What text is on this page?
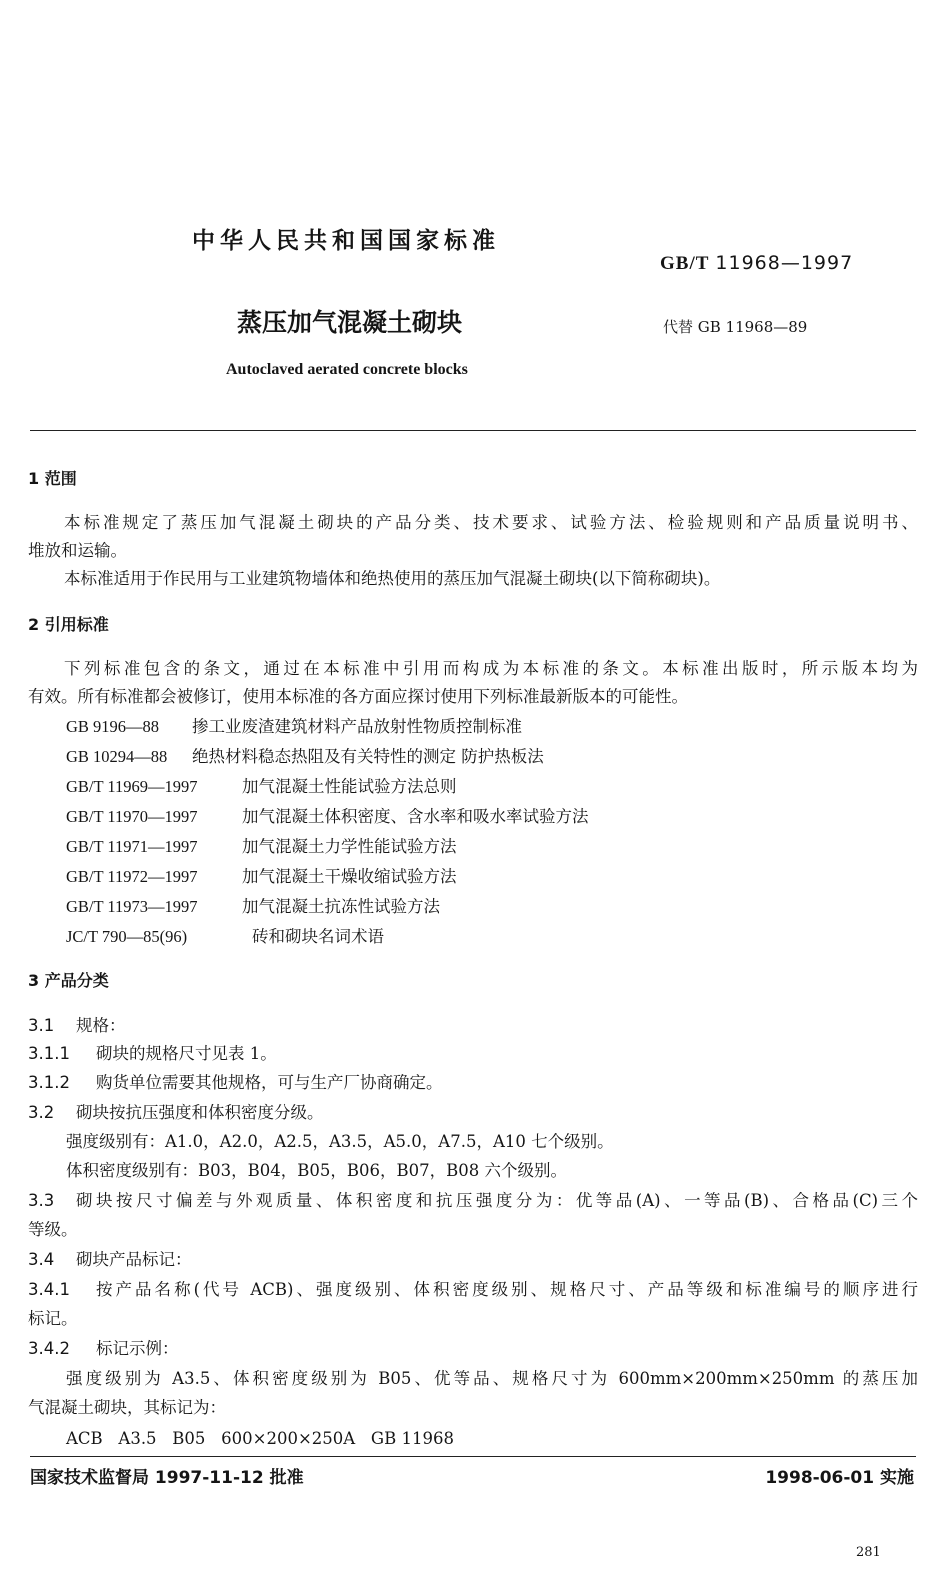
中华人民共和国国家标准
GB/T 11968—1997
蒸压加气混凝土砌块	代替 GB 11968—89
Autoclaved aerated concrete blocks
1 范围
本标准规定了蒸压加气混凝土砌块的产品分类、技术要求、试验方法、检验规则和产品质量说明书、
堆放和运输。
本标准适用于作民用与工业建筑物墙体和绝热使用的蒸压加气混凝土砌块(以下简称砌块)。
2 引用标准
下列标准包含的条文，通过在本标准中引用而构成为本标准的条文。本标准出版时，所示版本均为
有效。所有标准都会被修订，使用本标准的各方面应探讨使用下列标准最新版本的可能性。
GB 9196—88 掺工业废渣建筑材料产品放射性物质控制标准
GB 10294—88 绝热材料稳态热阻及有关特性的测定 防护热板法
GB/T 11969—1997	加气混凝土性能试验方法总则
GB/T 11970—1997	加气混凝土体积密度、含水率和吸水率试验方法
GB/T 11971—1997	加气混凝土力学性能试验方法
GB/T 11972—1997	加气混凝土干燥收缩试验方法
GB/T 11973—1997	加气混凝土抗冻性试验方法
JC/T 790—85(96)	砖和砌块名词术语
3 产品分类
3.1 规格：
3.1.1 砌块的规格尺寸见表 1。
3.1.2 购货单位需要其他规格，可与生产厂协商确定。
3.2 砌块按抗压强度和体积密度分级。
强度级别有：A1.0，A2.0，A2.5，A3.5，A5.0，A7.5，A10 七个级别。
体积密度级别有：B03，B04，B05，B06，B07，B08 六个级别。
3.3 砌块按尺寸偏差与外观质量、体积密度和抗压强度分为：优等品(A)、一等品(B)、合格品(C)三个
等级。
3.4 砌块产品标记：
3.4.1 按产品名称(代号 ACB)、强度级别、体积密度级别、规格尺寸、产品等级和标准编号的顺序进行
标记。
3.4.2 标记示例：
强度级别为 A3.5、体积密度级别为 B05、优等品、规格尺寸为 600mm×200mm×250mm 的蒸压加
气混凝土砌块，其标记为：
ACB   A3.5   B05   600×200×250A   GB 11968
国家技术监督局 1997-11-12 批准	1998-06-01 实施
281
